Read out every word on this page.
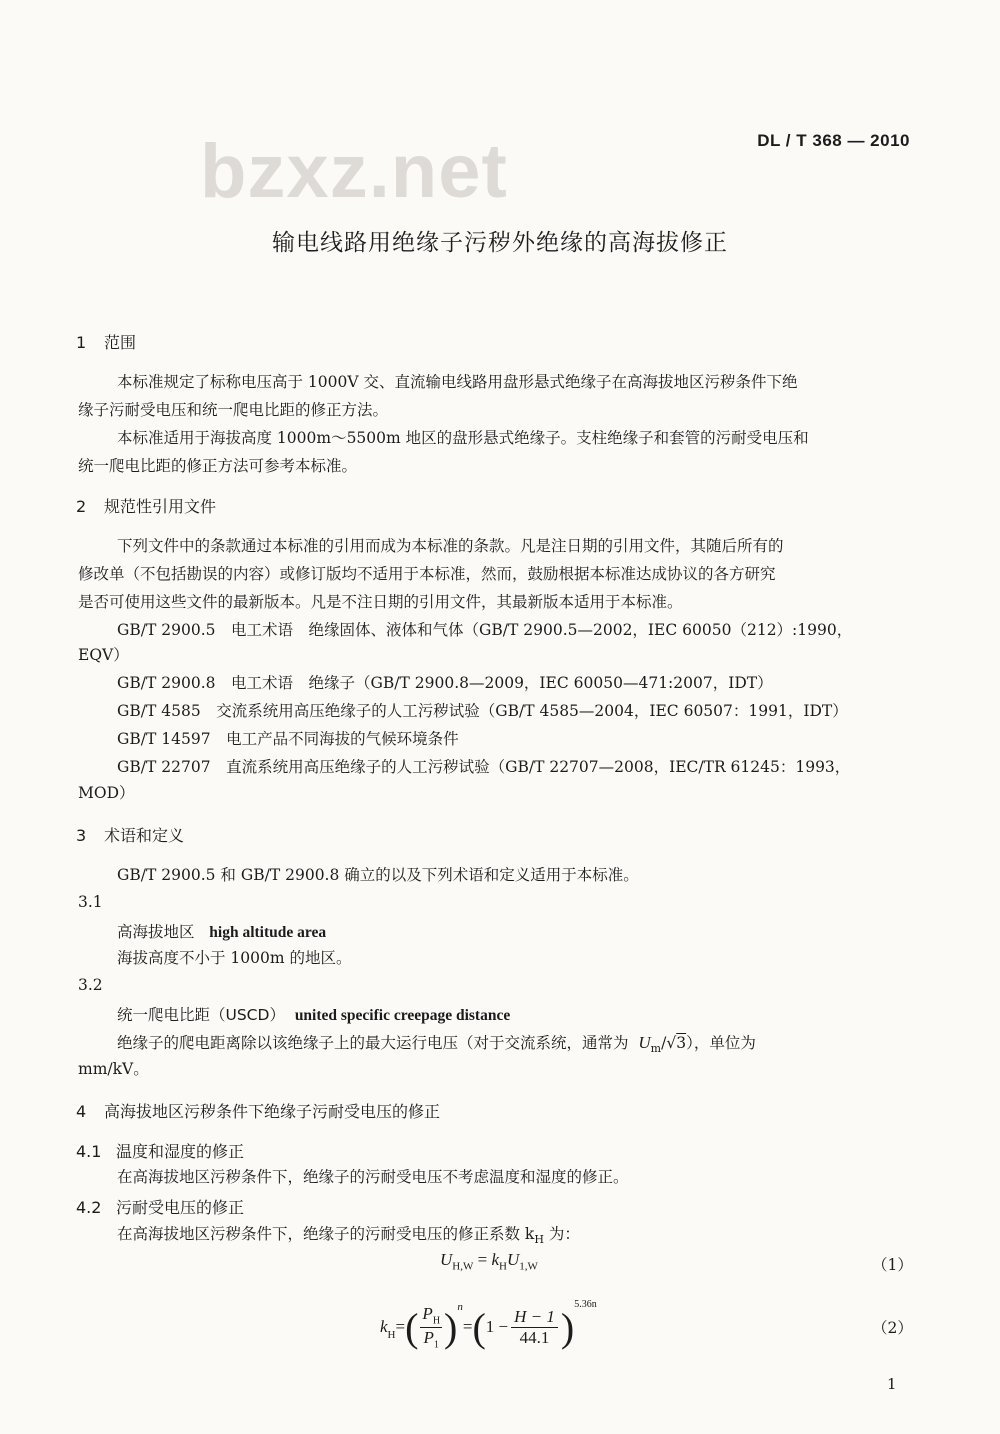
bzxz.net	DL / T 368 — 2010
输电线路用绝缘子污秽外绝缘的高海拔修正
1 范围
本标准规定了标称电压高于 1000V 交、直流输电线路用盘形悬式绝缘子在高海拔地区污秽条件下绝
缘子污耐受电压和统一爬电比距的修正方法。
本标准适用于海拔高度 1000m～5500m 地区的盘形悬式绝缘子。支柱绝缘子和套管的污耐受电压和
统一爬电比距的修正方法可参考本标准。
2 规范性引用文件
下列文件中的条款通过本标准的引用而成为本标准的条款。凡是注日期的引用文件，其随后所有的
修改单（不包括勘误的内容）或修订版均不适用于本标准，然而，鼓励根据本标准达成协议的各方研究
是否可使用这些文件的最新版本。凡是不注日期的引用文件，其最新版本适用于本标准。
GB/T 2900.5　电工术语　绝缘固体、液体和气体（GB/T 2900.5—2002，IEC 60050（212）:1990，
EQV）
GB/T 2900.8　电工术语　绝缘子（GB/T 2900.8—2009，IEC 60050—471:2007，IDT）
GB/T 4585　交流系统用高压绝缘子的人工污秽试验（GB/T 4585—2004，IEC 60507：1991，IDT）
GB/T 14597　电工产品不同海拔的气候环境条件
GB/T 22707　直流系统用高压绝缘子的人工污秽试验（GB/T 22707—2008，IEC/TR 61245：1993，
MOD）
3 术语和定义
GB/T 2900.5 和 GB/T 2900.8 确立的以及下列术语和定义适用于本标准。
3.1
高海拔地区 high altitude area
海拔高度不小于 1000m 的地区。
3.2
统一爬电比距（USCD） united specific creepage distance
绝缘子的爬电距离除以该绝缘子上的最大运行电压（对于交流系统，通常为 $U_m/√3$），单位为
mm/kV。
4 高海拔地区污秽条件下绝缘子污耐受电压的修正
4.1 温度和湿度的修正
在高海拔地区污秽条件下，绝缘子的污耐受电压不考虑温度和湿度的修正。
4.2 污耐受电压的修正
在高海拔地区污秽条件下，绝缘子的污耐受电压的修正系数 $k_H$ 为：
$U_{H,W} = k_HU_{1,W}$	（1）
$k_H$ = ( $P_H$
$P_1$ )$^n$
= ( $1 - \frac{H - 1}{44.1} )^{5.36n}$
（2）
1
